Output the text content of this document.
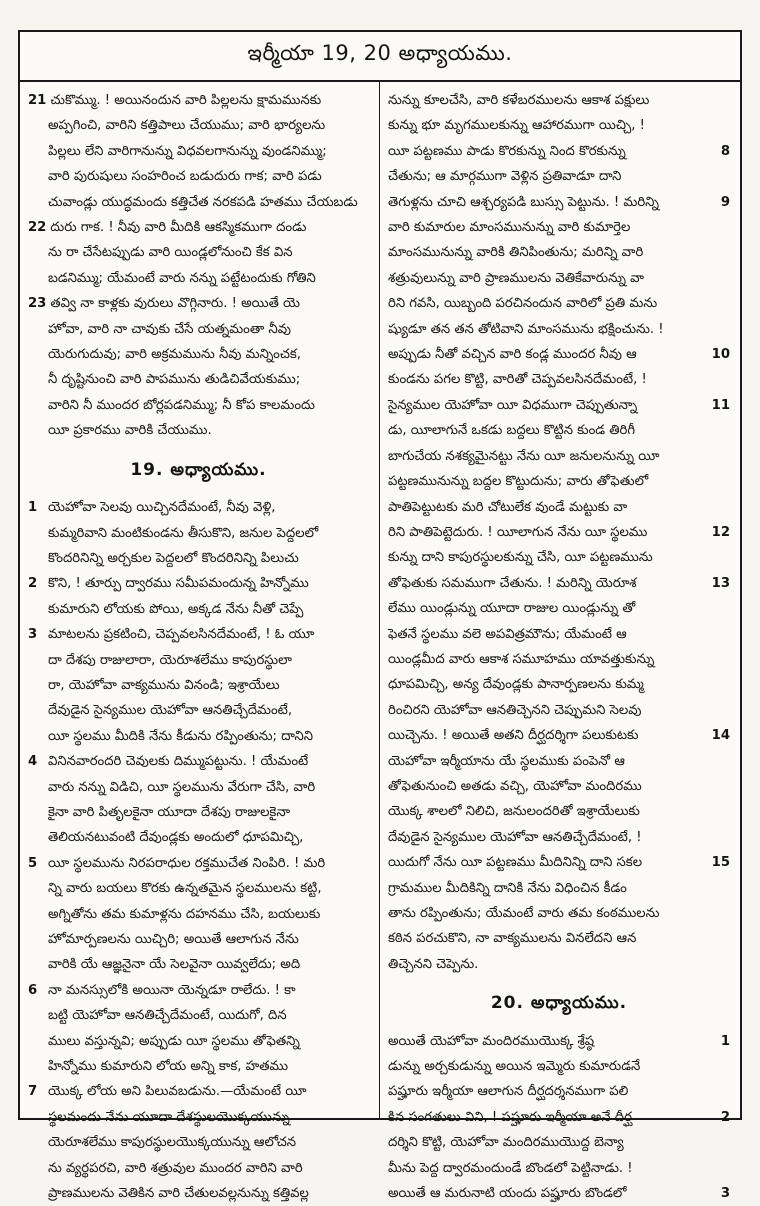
ఇర్మీయా 19, 20 అధ్యాయము.
21 చుకొమ్ము. ! అయినందున వారి పిల్లలను క్షామమునకు
అప్పగించి, వారిని కత్తిపాలు చేయుము; వారి భార్యలను
పిల్లలు లేని వారిగానున్ను విధవలగానున్ను వుండనిమ్ము;
వారి పురుషులు సంహరించ బడుదురు గాక; వారి పడు
చువాండ్లు యుద్ధమందు కత్తిచేత నరకపడి హతము చేయబడు
22 దురు గాక. ! నీవు వారి మీదికి ఆకస్మికముగా దండు
ను రా చేసేటప్పుడు వారి యిండ్లలోనుంచి కేక విన
బడనిమ్ము; యేమంటే వారు నన్ను పట్టేటందుకు గోతిని
23 తవ్వి నా కాళ్లకు వురులు వొగ్గినారు. ! అయితే యె
హోవా, వారి నా చావుకు చేసే యత్నమంతా నీవు
యెరుగుదువు; వారి అక్రమమును నీవు మన్నించక,
నీ దృష్టినుంచి వారి పాపమును తుడిచివేయకుము;
వారిని నీ ముందర బోర్లపడనిమ్ము; నీ కోప కాలమందు
యీ ప్రకారము వారికి చేయుము.
19. అధ్యాయము.
1 యెహోవా సెలవు యిచ్చినదేమంటే, నీవు వెళ్లి,
కుమ్మరివాని మంటికుండను తీసుకొని, జనుల పెద్దలలో
కొందరినిన్ని అర్చకుల పెద్దలలో కొందరినిన్ని పిలుచు
2 కొని, ! తూర్పు ద్వారము సమీపమందున్న హిన్నోము
కుమారుని లోయకు పోయి, అక్కడ నేను నీతో చెప్పే
3 మాటలను ప్రకటించి, చెప్పవలసినదేమంటే, ! ఓ యూ
దా దేశపు రాజులారా, యెరూశలేము కాపురస్థులా
రా, యెహోవా వాక్యమును వినండి; ఇశ్రాయేలు
దేవుడైన సైన్యముల యెహోవా ఆనతిచ్చేదేమంటే,
యీ స్థలము మీదికి నేను కీడును రప్పింతును; దానిని
4 వినినవారందరి చెవులకు దిమ్ముపట్టును. ! యేమంటే
వారు నన్ను విడిచి, యీ స్థలమును వేరుగా చేసి, వారి
కైనా వారి పితృలకైనా యూదా దేశపు రాజులకైనా
తెలియనటువంటి దేవుండ్లకు అందులో ధూపమిచ్చి,
5 యీ స్థలమును నిరపరాధుల రక్తముచేత నింపిరి. ! మరి
న్ని వారు బయలు కొరకు ఉన్నతమైన స్థలములను కట్టి,
అగ్నితోను తమ కుమాళ్లను దహనము చేసి, బయలుకు
హోమార్పణలను యిచ్చిరి; అయితే ఆలాగున నేను
వారికి యే ఆజ్ఞనైనా యే సెలవైనా యివ్వలేదు; అది
6 నా మనస్సులోకి అయినా యెన్నడూ రాలేదు. ! కా
బట్టి యెహోవా ఆనతిచ్చేదేమంటే, యిదుగో, దిన
ములు వస్తున్నవి; అప్పుడు యీ స్థలము తోఫెతన్ని
హిన్నోము కుమారుని లోయ అన్ని కాక, హతము
7 యొక్క లోయ అని పిలువబడును.—యేమంటే యీ
స్థలమందు నేను యూదా దేశస్థులయొక్కయున్ను
యెరూశలేము కాపురస్థులయొక్కయున్ను ఆలోచన
ను వ్యర్థపరచి, వారి శత్రువుల ముందర వారిని వారి
ప్రాణములను వెతికిన వారి చేతులవల్లనున్ను కత్తివల్ల
నున్ను కూలచేసి, వారి కళేబరములను ఆకాశ పక్షులు
కున్ను భూ మృగములకున్ను ఆహారముగా యిచ్చి, !
యీ పట్టణము పాడు కొరకున్ను నింద కొరకున్ను	8
చేతును; ఆ మార్గముగా వెళ్లిన ప్రతివాడూ దాని
తెగుళ్లను చూచి ఆశ్చర్యపడి బుస్సు పెట్టును. ! మరిన్ని	9
వారి కుమారుల మాంసమునున్ను వారి కుమార్తెల
మాంసమునున్ను వారికి తినిపింతును; మరిన్ని వారి
శత్రువులున్ను వారి ప్రాణములను వెతికేవారున్ను వా
రిని గవసి, యిబ్బంది పరచినందున వారిలో ప్రతి మను
ష్యుడూ తన తన తోటివాని మాంసమును భక్షించును. !
అప్పుడు నీతో వచ్చిన వారి కండ్ల ముందర నీవు ఆ	10
కుండను పగల కొట్టి, వారితో చెప్పవలసినదేమంటే, !
సైన్యముల యెహోవా యీ విధముగా చెప్పుతున్నా	11
డు, యీలాగునే ఒకడు బద్దలు కొట్టిన కుండ తిరిగీ
బాగుచేయ నశక్యమైనట్టు నేను యీ జనులనున్ను యీ
పట్టణమునున్ను బద్దల కొట్టుదును; వారు తోఫెతులో
పాతిపెట్టుటకు మరి చోటులేక వుండే మట్టుకు వా
రిని పాతిపెట్టెదురు. ! యీలాగున నేను యీ స్థలము	12
కున్ను దాని కాపురస్థులకున్ను చేసి, యీ పట్టణమును
తోఫెతుకు సమముగా చేతును. ! మరిన్ని యెరూశ	13
లేము యిండ్లున్ను యూదా రాజుల యిండ్లున్ను తో
ఫెతనే స్థలము వలె అపవిత్రమౌను; యేమంటే ఆ
యిండ్లమీద వారు ఆకాశ సమూహము యావత్తుకున్ను
ధూపమిచ్చి, అన్య దేవుండ్లకు పానార్పణలను కుమ్మ
రించిరని యెహోవా ఆనతిచ్చెనని చెప్పుమని సెలవు
యిచ్చెను. ! అయితే అతని దీర్ఘదర్శిగా పలుకుటకు	14
యెహోవా ఇర్మీయాను యే స్థలముకు పంపెనో ఆ
తోఫెతునుంచి అతడు వచ్చి, యెహోవా మందిరము
యొక్క శాలలో నిలిచి, జనులందరితో ఇశ్రాయేలుకు
దేవుడైన సైన్యముల యెహోవా ఆనతిచ్చేదేమంటే, !
యిదుగో నేను యీ పట్టణము మీదినిన్ని దాని సకల	15
గ్రామముల మీదికిన్ని దానికి నేను విధించిన కీడం
తాను రప్పింతును; యేమంటే వారు తమ కంఠములను
కఠిన పరచుకొని, నా వాక్యములను వినలేదని ఆన
తిచ్చెనని చెప్పెను.
20. అధ్యాయము.
అయితే యెహోవా మందిరముయొక్క శ్రేష్ఠ	1
డున్ను అర్చకుడున్ను అయిన ఇమ్మెరు కుమారుడనే
పష్హూరు ఇర్మీయా ఆలాగున దీర్ఘదర్శనముగా పలి
కిన సంగతులు విని, ! పష్హూరు ఇర్మీయా అనే దీర్ఘ	2
దర్శిని కొట్టి, యెహోవా మందిరముయొద్ద బెన్యా
మీను పెద్ద ద్వారమందుండే బొండలో పెట్టినాడు. !
అయితే ఆ మరునాటి యందు పష్హూరు బొండలో	3
